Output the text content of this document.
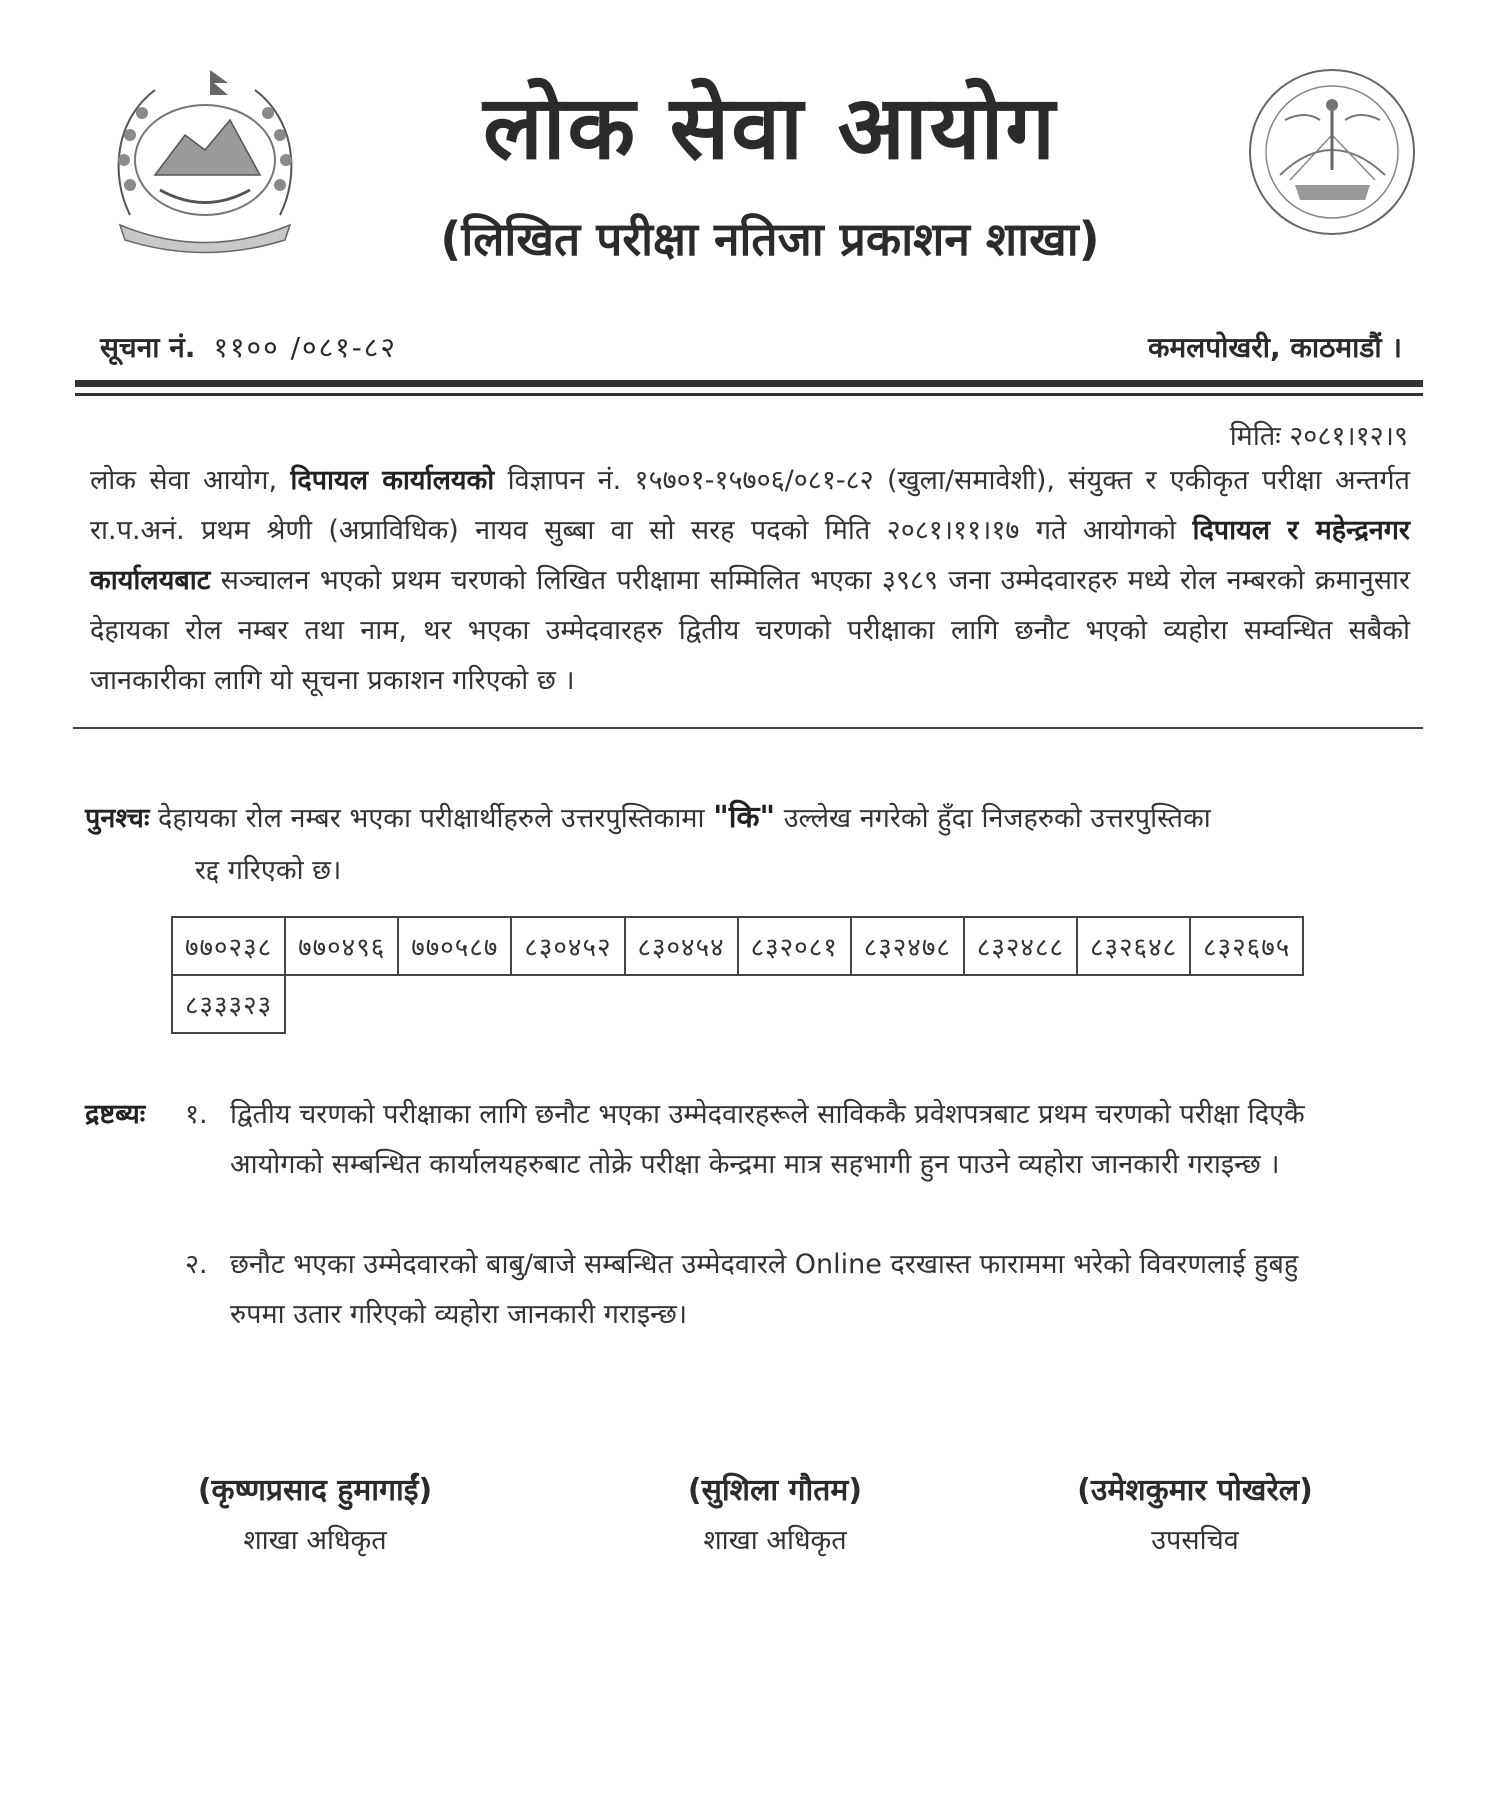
लोक सेवा आयोग
(लिखित परीक्षा नतिजा प्रकाशन शाखा)
सूचना नं. ११०० /०८१-८२	कमलपोखरी, काठमाडौं ।
मितिः २०८१।१२।९

लोक सेवा आयोग, दिपायल कार्यालयको विज्ञापन नं. १५७०१-१५७०६/०८१-८२ (खुला/समावेशी), संयुक्त र एकीकृत परीक्षा अन्तर्गत रा.प.अनं. प्रथम श्रेणी (अप्राविधिक) नायव सुब्बा वा सो सरह पदको मिति २०८१।११।१७ गते आयोगको दिपायल र महेन्द्रनगर कार्यालयबाट सञ्चालन भएको प्रथम चरणको लिखित परीक्षामा सम्मिलित भएका ३९८९ जना उम्मेदवारहरु मध्ये रोल नम्बरको क्रमानुसार देहायका रोल नम्बर तथा नाम, थर भएका उम्मेदवारहरु द्वितीय चरणको परीक्षाका लागि छनौट भएको व्यहोरा सम्वन्धित सबैको जानकारीका लागि यो सूचना प्रकाशन गरिएको छ ।

पुनश्चः देहायका रोल नम्बर भएका परीक्षार्थीहरुले उत्तरपुस्तिकामा "कि" उल्लेख नगरेको हुँदा निजहरुको उत्तरपुस्तिका
रद्द गरिएको छ।
७७०२३८	७७०४९६	७७०५८७	८३०४५२	८३०४५४	८३२०८१	८३२४७८	८३२४८८	८३२६४८	८३२६७५
८३३३२३									
द्रष्टब्यः १. द्वितीय चरणको परीक्षाका लागि छनौट भएका उम्मेदवारहरूले साविककै प्रवेशपत्रबाट प्रथम चरणको परीक्षा दिएकै आयोगको सम्बन्धित कार्यालयहरुबाट तोक्रे परीक्षा केन्द्रमा मात्र सहभागी हुन पाउने व्यहोरा जानकारी गराइन्छ ।
२. छनौट भएका उम्मेदवारको बाबु/बाजे सम्बन्धित उम्मेदवारले Online दरखास्त फाराममा भरेको विवरणलाई हुबहु रुपमा उतार गरिएको व्यहोरा जानकारी गराइन्छ।
(कृष्णप्रसाद हुमागाईं)
शाखा अधिकृत
(सुशिला गौतम)
शाखा अधिकृत
(उमेशकुमार पोखरेल)
उपसचिव
